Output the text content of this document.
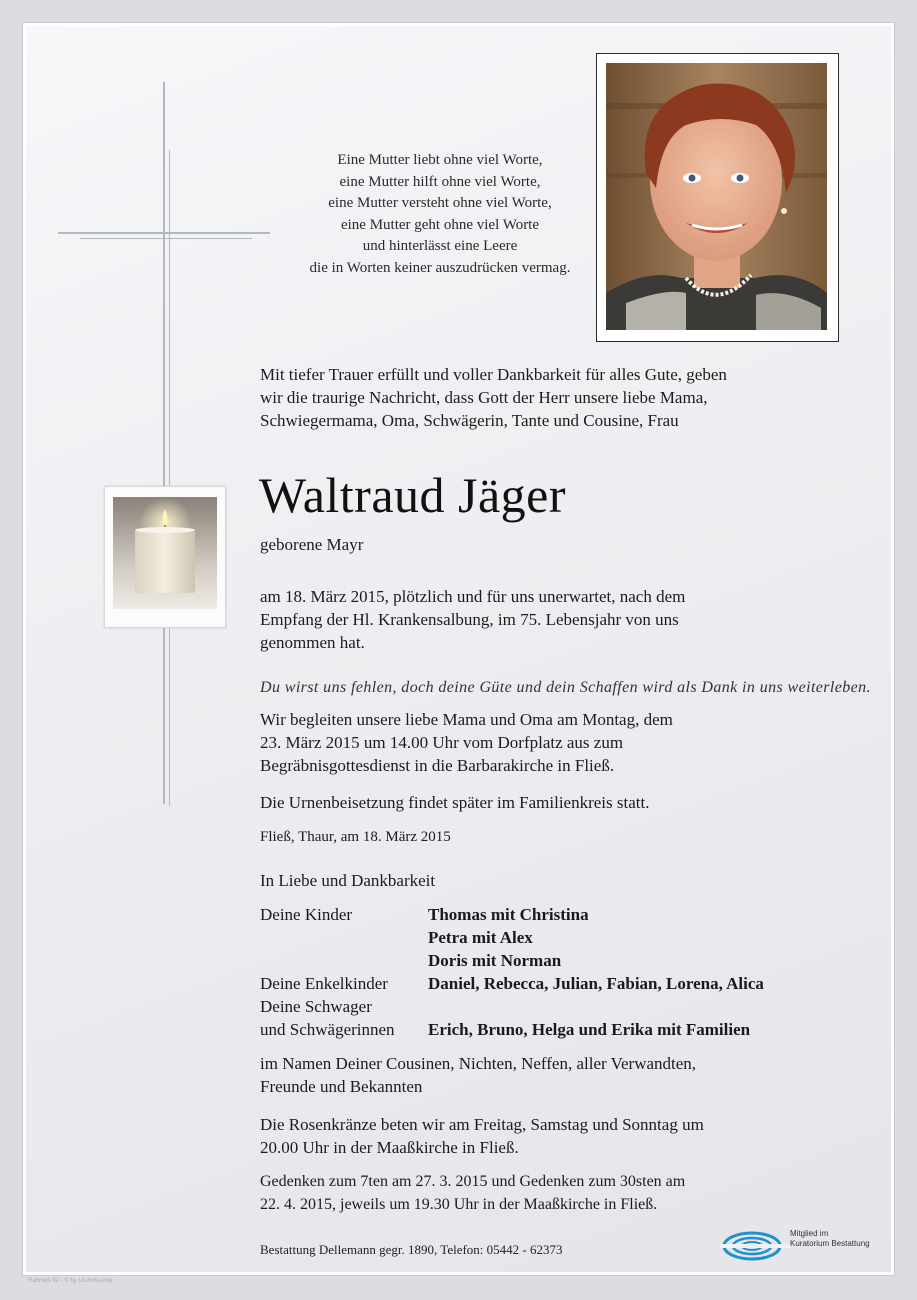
Eine Mutter liebt ohne viel Worte,
eine Mutter hilft ohne viel Worte,
eine Mutter versteht ohne viel Worte,
eine Mutter geht ohne viel Worte
und hinterlässt eine Leere
die in Worten keiner auszudrücken vermag.
Mit tiefer Trauer erfüllt und voller Dankbarkeit für alles Gute, geben
wir die traurige Nachricht, dass Gott der Herr unsere liebe Mama,
Schwiegermama, Oma, Schwägerin, Tante und Cousine, Frau
Waltraud Jäger
geborene Mayr
am 18. März 2015, plötzlich und für uns unerwartet, nach dem
Empfang der Hl. Krankensalbung, im 75. Lebensjahr von uns
genommen hat.
Du wirst uns fehlen, doch deine Güte und dein Schaffen wird als Dank in uns weiterleben.
Wir begleiten unsere liebe Mama und Oma am Montag, dem
23. März 2015 um 14.00 Uhr vom Dorfplatz aus zum
Begräbnisgottesdienst in die Barbarakirche in Fließ.
Die Urnenbeisetzung findet später im Familienkreis statt.
Fließ, Thaur, am 18. März 2015
In Liebe und Dankbarkeit
Deine Kinder	Thomas mit Christina
Petra mit Alex
Doris mit Norman
Deine Enkelkinder Daniel, Rebecca, Julian, Fabian, Lorena, Alica
Deine Schwager
und Schwägerinnen Erich, Bruno, Helga und Erika mit Familien
im Namen Deiner Cousinen, Nichten, Neffen, aller Verwandten,
Freunde und Bekannten
Die Rosenkränze beten wir am Freitag, Samstag und Sonntag um
20.00 Uhr in der Maaßkirche in Fließ.
Gedenken zum 7ten am 27. 3. 2015 und Gedenken zum 30sten am
22. 4. 2015, jeweils um 19.30 Uhr in der Maaßkirche in Fließ.
Bestattung Dellemann gegr. 1890, Telefon: 05442 - 62373
Mitglied im
Kuratorium Bestattung
Rahmen 92 - © by Lisch/Kuehle
